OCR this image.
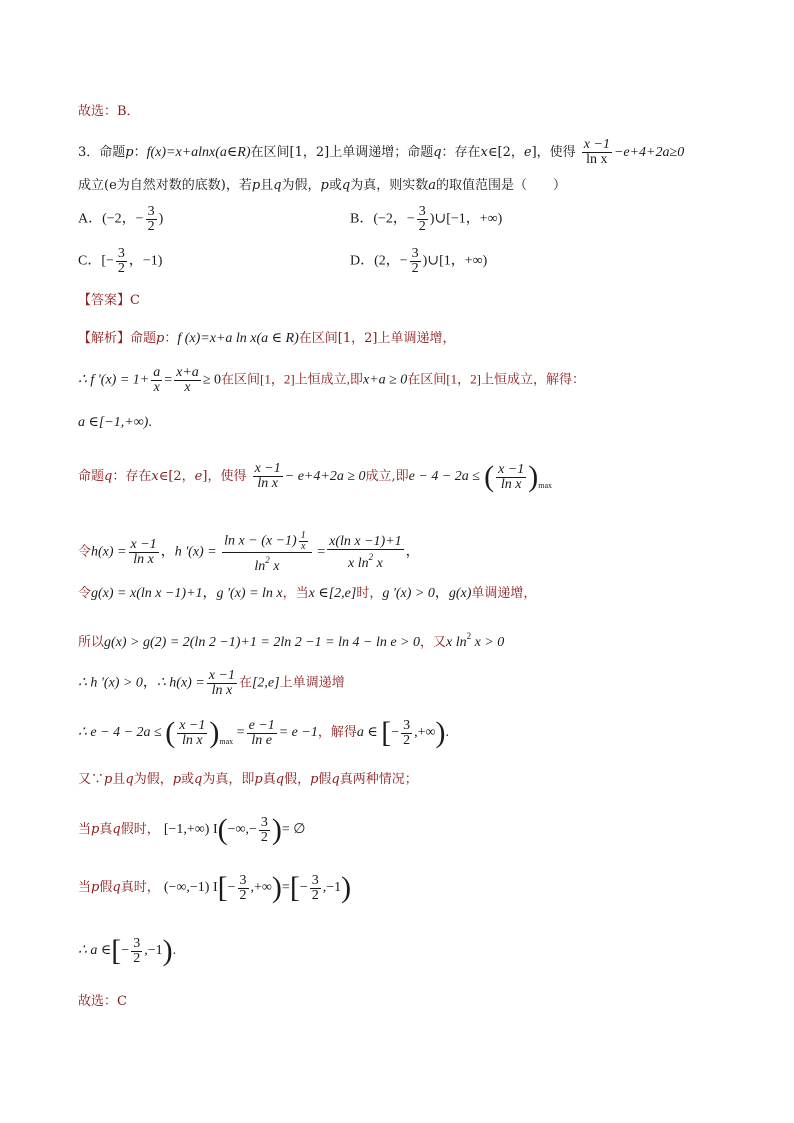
故选：B．
3．命题p：f(x)=x+alnx(a∈R)在区间[1，2]上单调递增；命题q：存在x∈[2，e]，使得 $\frac{x -1}{\text{ln x}} -e+4+2a\ge 0$
成立(e为自然对数的底数)，若p且q为假，p或q为真，则实数a的取值范围是（　　）
A．(−2，− $\frac{3}{2}$ )	B．(−2，− $\frac{3}{2}$ )∪[−1，+∞)
C．[− $\frac{3}{2}$ ，−1)	D．(2，− $\frac{3}{2}$ )∪[1，+∞)
【答案】C
【解析】命题p：f (x)=x+a ln x(a ∈ R)在区间[1，2]上单调递增，
∴ f '$(x) = 1+ \frac{a}{x} = \frac{x+a}{x} \ge 0$在区间[1，2]上恒成立,即x+a ≥ 0在区间[1，2]上恒成立，解得：
a ∈[−1,+∞).
命题q：存在x∈[2，e]，使得 $\frac{x -1}{\text{ln x}} - e+4+2a \ge 0$成立,即e − 4 − 2a ≤ ( $\frac{x -1}{\text{ln x}} )_{max}$
令$h(x) = \frac{x -1}{\text{ln x}}$ ，h '$(x) = \frac{\ln x - (x -1) \frac{1}{x}}{\ln^2 x} = \frac{\text{x(ln x −1)+1}}{x \ln^2 x}$ ，
令g(x) = x(ln x −1)+1，g '(x) = ln x，当x ∈[2,e]时，g '(x) > 0，g(x)单调递增，
所以g(x) > g(2) = 2(ln 2 −1)+1 = 2ln 2 −1 = ln 4 − ln e > 0，又x $\ln^2 x > 0$
∴ h '(x) > 0，∴ $h(x) = \frac{x -1}{\text{ln x}}$ 在[2,e]上单调递增
∴ e − 4 − 2a ≤ ( $\frac{x -1}{\text{ln x}} )_{max} = \frac{e -1}{\text{ln e}} = e -1$，解得a ∈ [− $\frac{3}{2}$ ,+∞).
又∵p且q为假，p或q为真，即p真q假，p假q真两种情况；
当p真q假时， [−1,+∞) $I(-\infty,- \frac{3}{2}$ )= ∅
当p假q真时， (−∞,−1) $I[- \frac{3}{2}$ ,+∞)=[− $\frac{3}{2} ,-1$)
∴ a ∈[− $\frac{3}{2} ,-1$).
故选：C
